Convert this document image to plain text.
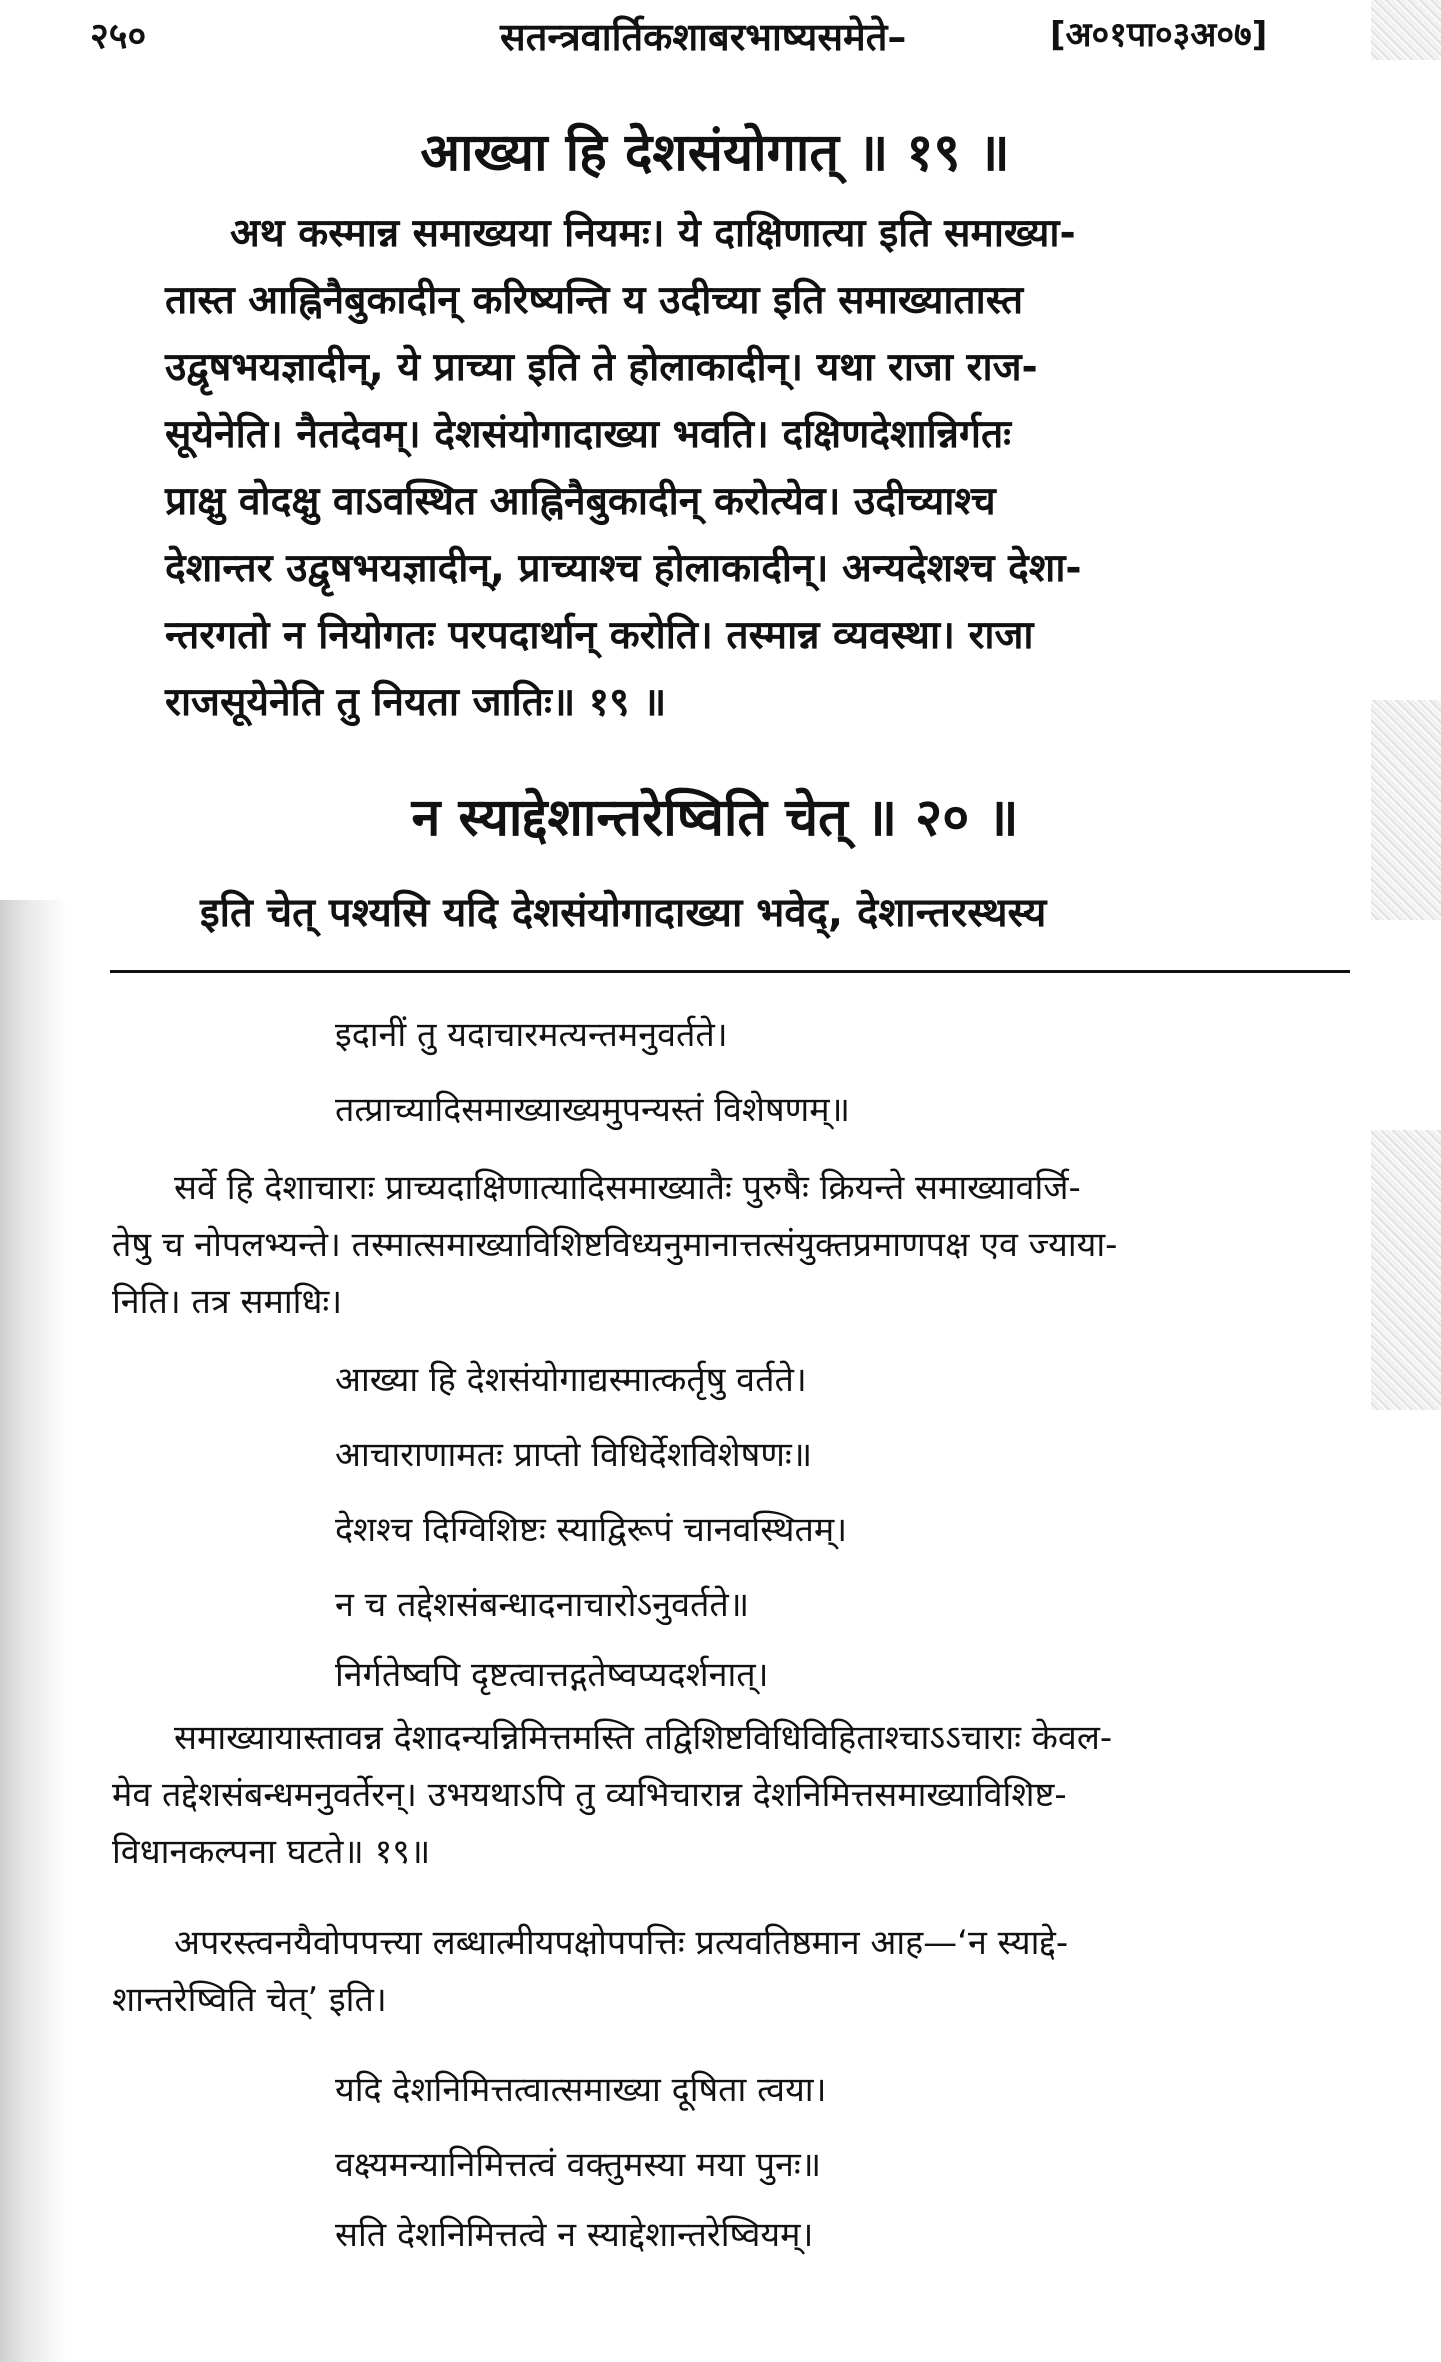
२५०	सतन्त्रवार्तिकशाबरभाष्यसमेते–	[अ०१पा०३अ०७]
आख्या हि देशसंयोगात् ॥ १९ ॥
अथ कस्मान्न समाख्यया नियमः। ये दाक्षिणात्या इति समाख्या-
तास्त आह्निनैबुकादीन् करिष्यन्ति य उदीच्या इति समाख्यातास्त
उद्वृषभयज्ञादीन्, ये प्राच्या इति ते होलाकादीन्। यथा राजा राज-
सूयेनेति। नैतदेवम्। देशसंयोगादाख्या भवति। दक्षिणदेशान्निर्गतः
प्राक्षु वोदक्षु वाऽवस्थित आह्निनैबुकादीन् करोत्येव। उदीच्याश्च
देशान्तर उद्वृषभयज्ञादीन्, प्राच्याश्च होलाकादीन्। अन्यदेशश्च देशा-
न्तरगतो न नियोगतः परपदार्थान् करोति। तस्मान्न व्यवस्था। राजा
राजसूयेनेति तु नियता जातिः॥ १९ ॥
न स्याद्देशान्तरेष्विति चेत् ॥ २० ॥
इति चेत् पश्यसि यदि देशसंयोगादाख्या भवेद्, देशान्तरस्थस्य
इदानीं तु यदाचारमत्यन्तमनुवर्तते।
तत्प्राच्यादिसमाख्याख्यमुपन्यस्तं विशेषणम्॥
सर्वे हि देशाचाराः प्राच्यदाक्षिणात्यादिसमाख्यातैः पुरुषैः क्रियन्ते समाख्यावर्जि-
तेषु च नोपलभ्यन्ते। तस्मात्समाख्याविशिष्टविध्यनुमानात्तत्संयुक्तप्रमाणपक्ष एव ज्याया-
निति। तत्र समाधिः।
आख्या हि देशसंयोगाद्यस्मात्कर्तृषु वर्तते।
आचाराणामतः प्राप्तो विधिर्देशविशेषणः॥
देशश्च दिग्विशिष्टः स्याद्विरूपं चानवस्थितम्।
न च तद्देशसंबन्धादनाचारोऽनुवर्तते॥
निर्गतेष्वपि दृष्टत्वात्तद्गतेष्वप्यदर्शनात्।
समाख्यायास्तावन्न देशादन्यन्निमित्तमस्ति तद्विशिष्टविधिविहिताश्चाऽऽचाराः केवल-
मेव तद्देशसंबन्धमनुवर्तेरन्। उभयथाऽपि तु व्यभिचारान्न देशनिमित्तसमाख्याविशिष्ट-
विधानकल्पना घटते॥ १९॥
अपरस्त्वनयैवोपपत्त्या लब्धात्मीयपक्षोपपत्तिः प्रत्यवतिष्ठमान आह—‘न स्याद्दे-
शान्तरेष्विति चेत्’ इति।
यदि देशनिमित्तत्वात्समाख्या दूषिता त्वया।
वक्ष्यमन्यानिमित्तत्वं वक्तुमस्या मया पुनः॥
सति देशनिमित्तत्वे न स्याद्देशान्तरेष्वियम्।
